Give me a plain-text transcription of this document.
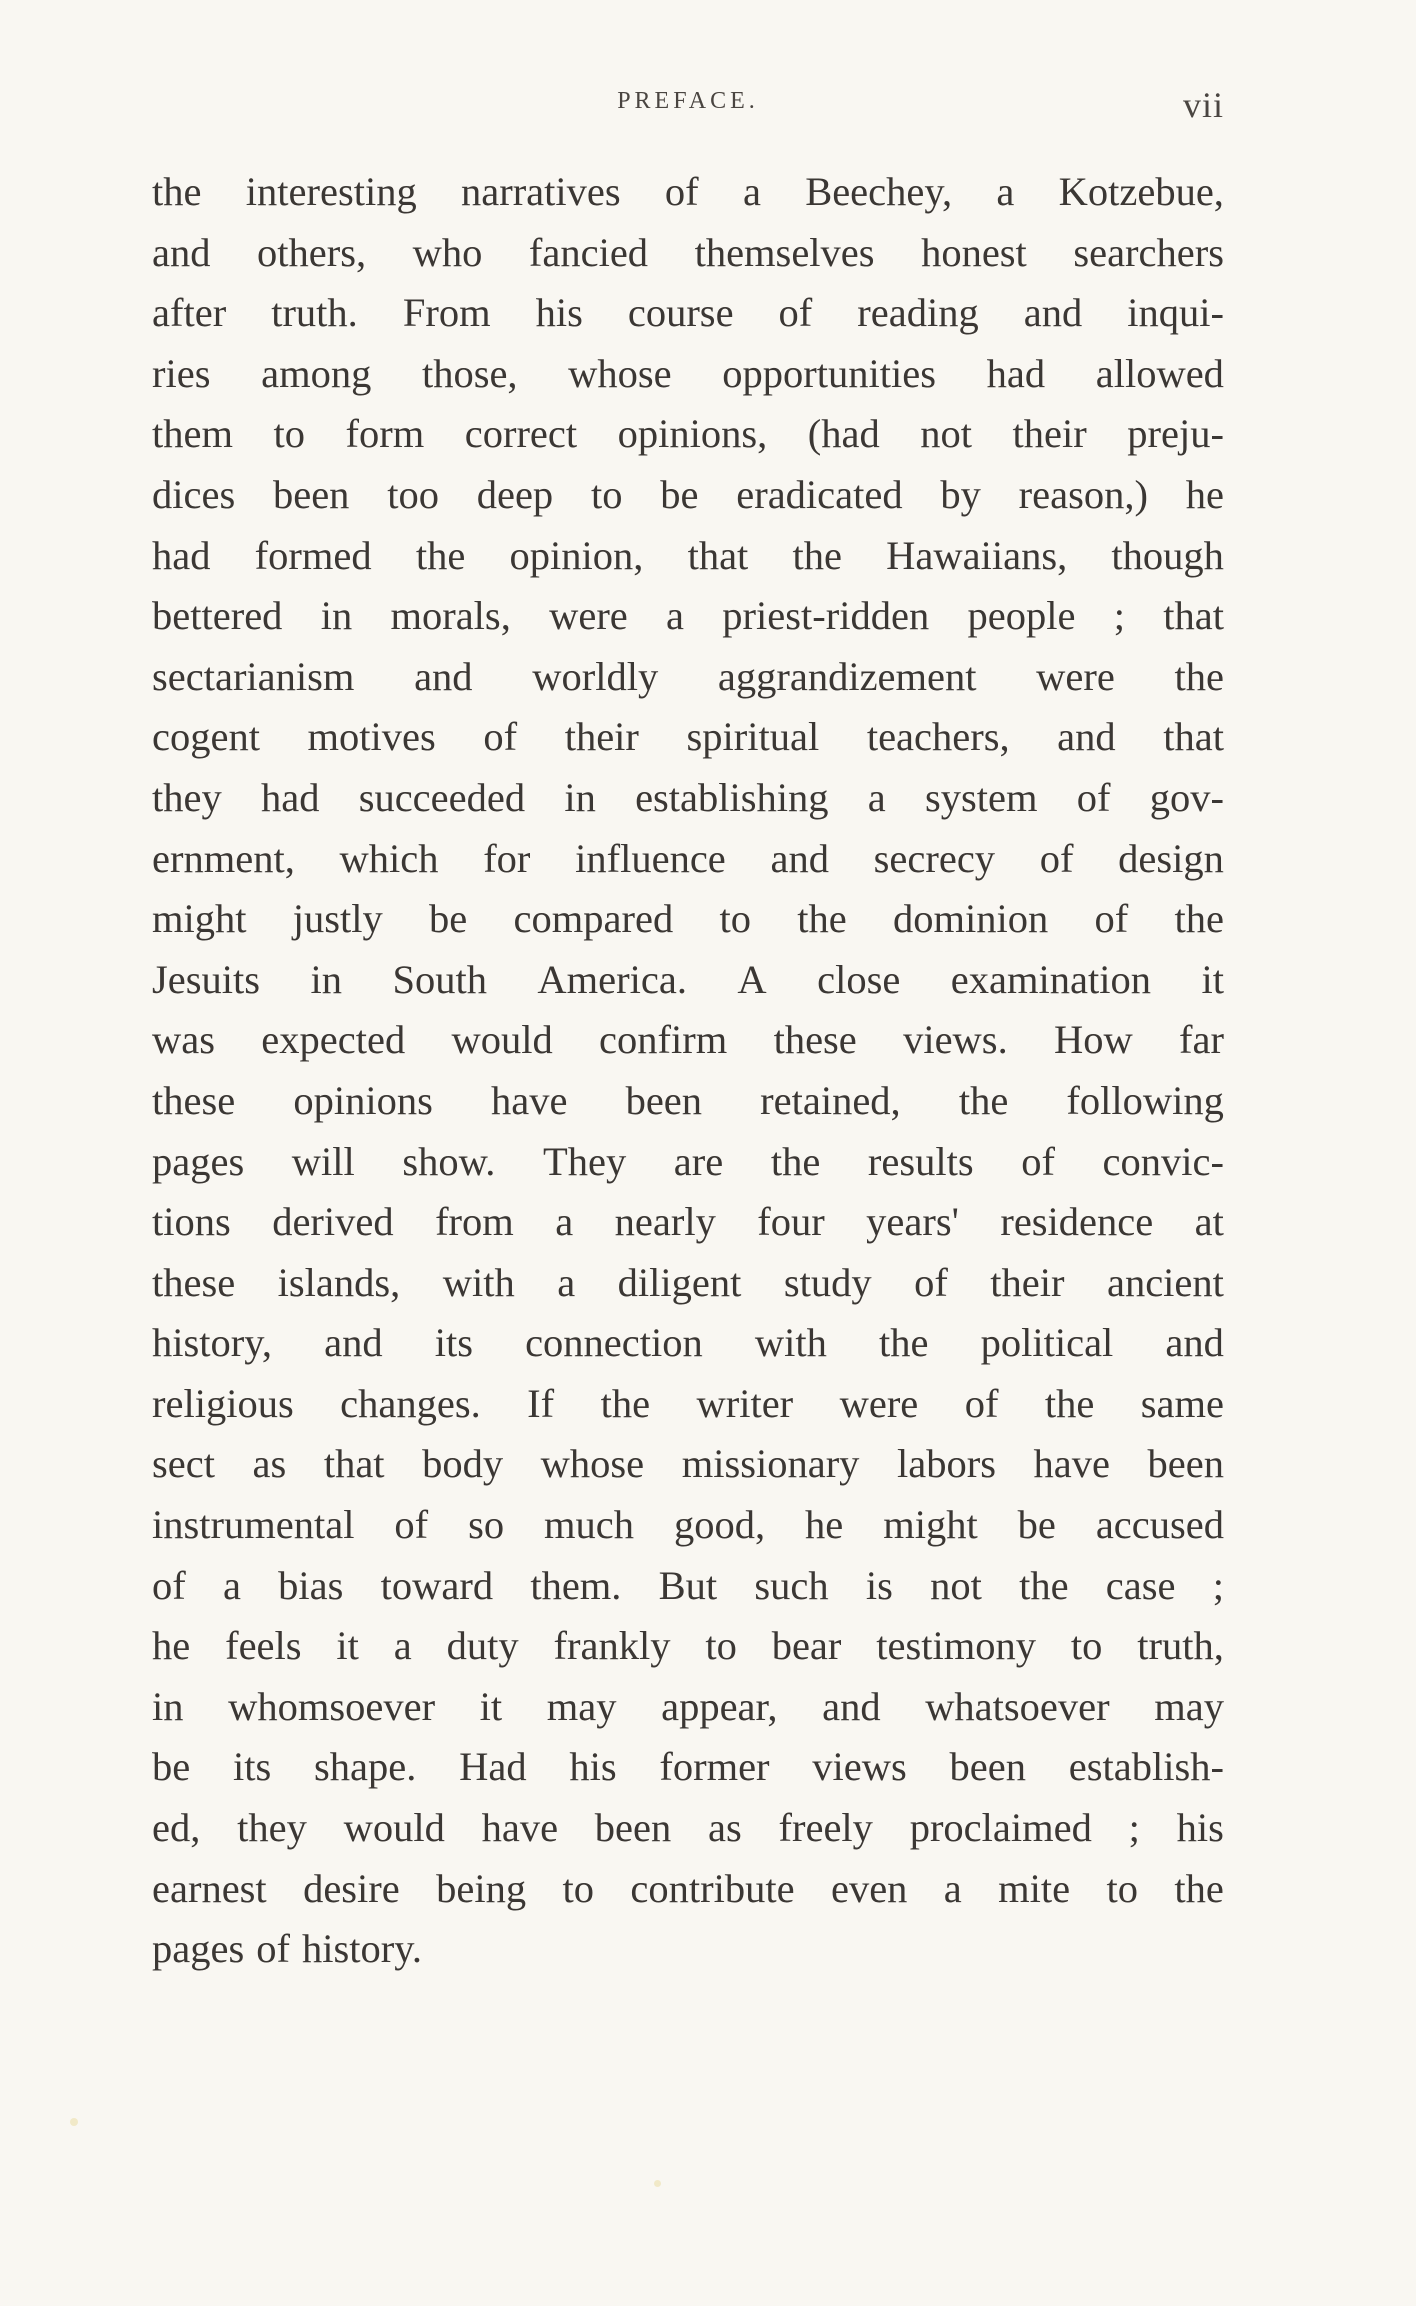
PREFACE.	vii
the interesting narratives of a Beechey, a Kotzebue,
and others, who fancied themselves honest searchers
after truth. From his course of reading and inqui-
ries among those, whose opportunities had allowed
them to form correct opinions, (had not their preju-
dices been too deep to be eradicated by reason,) he
had formed the opinion, that the Hawaiians, though
bettered in morals, were a priest-ridden people ; that
sectarianism and worldly aggrandizement were the
cogent motives of their spiritual teachers, and that
they had succeeded in establishing a system of gov-
ernment, which for influence and secrecy of design
might justly be compared to the dominion of the
Jesuits in South America. A close examination it
was expected would confirm these views. How far
these opinions have been retained, the following
pages will show. They are the results of convic-
tions derived from a nearly four years' residence at
these islands, with a diligent study of their ancient
history, and its connection with the political and
religious changes. If the writer were of the same
sect as that body whose missionary labors have been
instrumental of so much good, he might be accused
of a bias toward them. But such is not the case ;
he feels it a duty frankly to bear testimony to truth,
in whomsoever it may appear, and whatsoever may
be its shape. Had his former views been establish-
ed, they would have been as freely proclaimed ; his
earnest desire being to contribute even a mite to the
pages of history.
